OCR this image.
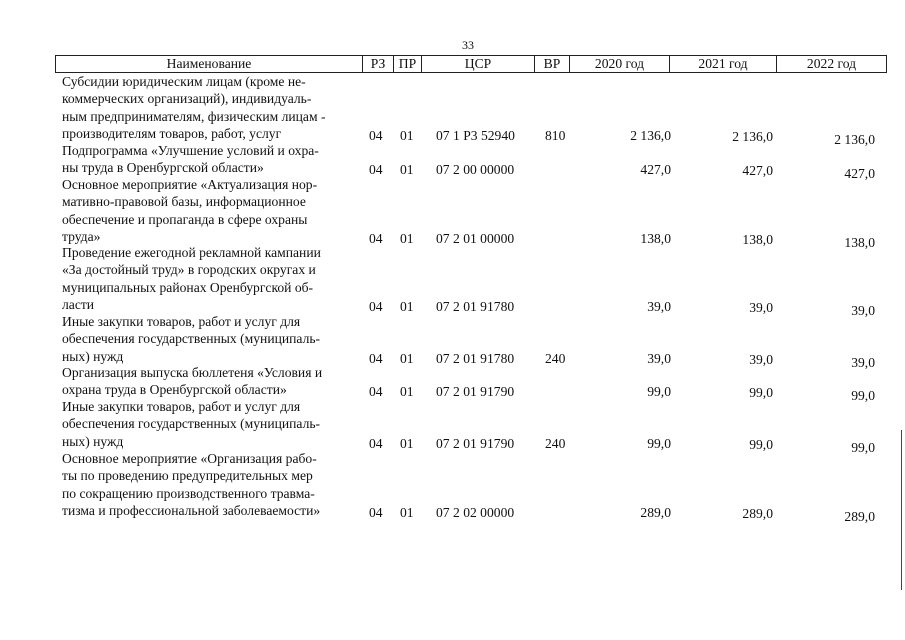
33
Наименование	РЗ ПР	ЦСР	ВР	2020 год	2021 год	2022 год
Субсидии юридическим лицам (кроме не-
коммерческих организаций), индивидуаль-
ным предпринимателям, физическим лицам -
производителям товаров, работ, услуг	04 01 07 1 Р3 52940 810	2 136,0	2 136,0	2 136,0
Подпрограмма «Улучшение условий и охра-
ны труда в Оренбургской области»	04 01 07 2 00 00000	427,0	427,0	427,0
Основное мероприятие «Актуализация нор-
мативно-правовой базы, информационное
обеспечение и пропаганда в сфере охраны
труда»	04 01 07 2 01 00000	138,0	138,0	138,0
Проведение ежегодной рекламной кампании
«За достойный труд» в городских округах и
муниципальных районах Оренбургской об-
ласти	04 01 07 2 01 91780	39,0	39,0	39,0
Иные закупки товаров, работ и услуг для
обеспечения государственных (муниципаль-
ных) нужд	04 01 07 2 01 91780 240	39,0	39,0	39,0
Организация выпуска бюллетеня «Условия и
охрана труда в Оренбургской области»	04 01 07 2 01 91790	99,0	99,0	99,0
Иные закупки товаров, работ и услуг для
обеспечения государственных (муниципаль-
ных) нужд	04 01 07 2 01 91790 240	99,0	99,0	99,0
Основное мероприятие «Организация рабо-
ты по проведению предупредительных мер
по сокращению производственного травма-
тизма и профессиональной заболеваемости»	04 01 07 2 02 00000	289,0	289,0	289,0
